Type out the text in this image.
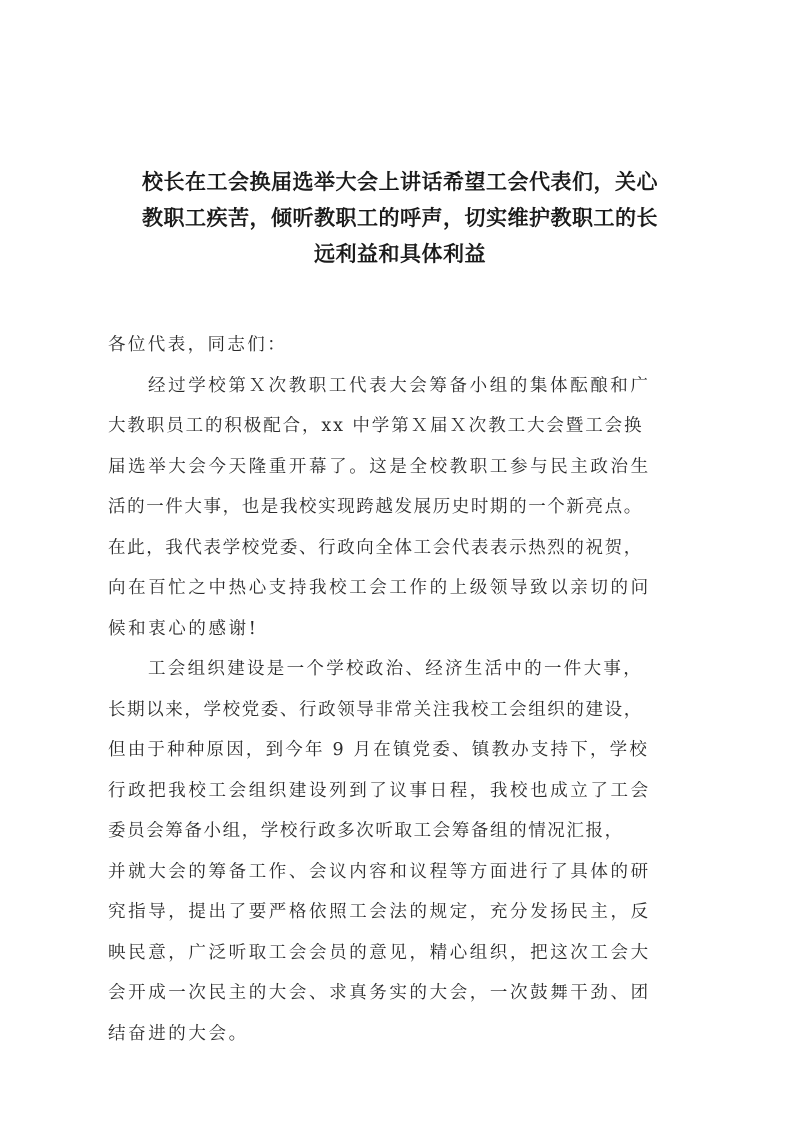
校长在工会换届选举大会上讲话希望工会代表们，关心
教职工疾苦，倾听教职工的呼声，切实维护教职工的长
远利益和具体利益
各位代表，同志们：
经过学校第Ｘ次教职工代表大会筹备小组的集体酝酿和广
大教职员工的积极配合，xx 中学第Ｘ届Ｘ次教工大会暨工会换
届选举大会今天隆重开幕了。这是全校教职工参与民主政治生
活的一件大事，也是我校实现跨越发展历史时期的一个新亮点。
在此，我代表学校党委、行政向全体工会代表表示热烈的祝贺，
向在百忙之中热心支持我校工会工作的上级领导致以亲切的问
候和衷心的感谢!
工会组织建设是一个学校政治、经济生活中的一件大事，
长期以来，学校党委、行政领导非常关注我校工会组织的建设，
但由于种种原因，到今年 9 月在镇党委、镇教办支持下，学校
行政把我校工会组织建设列到了议事日程，我校也成立了工会
委员会筹备小组，学校行政多次听取工会筹备组的情况汇报，
并就大会的筹备工作、会议内容和议程等方面进行了具体的研
究指导，提出了要严格依照工会法的规定，充分发扬民主，反
映民意，广泛听取工会会员的意见，精心组织，把这次工会大
会开成一次民主的大会、求真务实的大会，一次鼓舞干劲、团
结奋进的大会。
